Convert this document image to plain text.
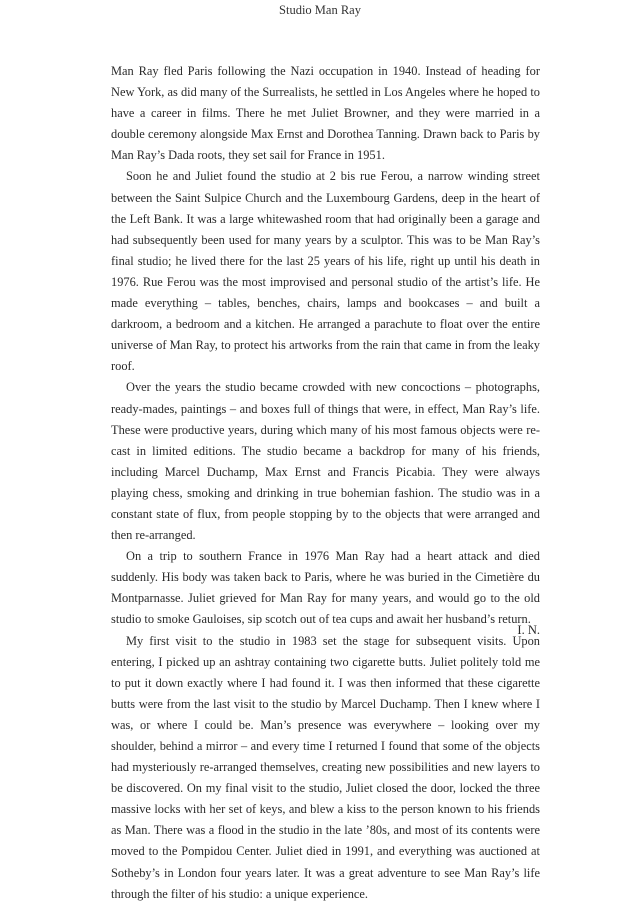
Studio Man Ray

Man Ray fled Paris following the Nazi occupation in 1940. Instead of heading for New York, as did many of the Surrealists, he settled in Los Angeles where he hoped to have a career in films. There he met Juliet Browner, and they were married in a double ceremony alongside Max Ernst and Dorothea Tanning. Drawn back to Paris by Man Ray’s Dada roots, they set sail for France in 1951.

Soon he and Juliet found the studio at 2 bis rue Ferou, a narrow winding street between the Saint Sulpice Church and the Luxembourg Gardens, deep in the heart of the Left Bank. It was a large whitewashed room that had originally been a garage and had subsequently been used for many years by a sculptor. This was to be Man Ray’s final studio; he lived there for the last 25 years of his life, right up until his death in 1976. Rue Ferou was the most improvised and personal studio of the artist’s life. He made everything – tables, benches, chairs, lamps and bookcases – and built a darkroom, a bedroom and a kitchen. He arranged a parachute to float over the entire universe of Man Ray, to protect his artworks from the rain that came in from the leaky roof.

Over the years the studio became crowded with new concoctions – photographs, ready-mades, paintings – and boxes full of things that were, in effect, Man Ray’s life. These were productive years, during which many of his most famous objects were re-cast in limited editions. The studio became a backdrop for many of his friends, including Marcel Duchamp, Max Ernst and Francis Picabia. They were always playing chess, smoking and drinking in true bohemian fashion. The studio was in a constant state of flux, from people stopping by to the objects that were arranged and then re-arranged.

On a trip to southern France in 1976 Man Ray had a heart attack and died suddenly. His body was taken back to Paris, where he was buried in the Cimetière du Montparnasse. Juliet grieved for Man Ray for many years, and would go to the old studio to smoke Gauloises, sip scotch out of tea cups and await her husband’s return.

My first visit to the studio in 1983 set the stage for subsequent visits. Upon entering, I picked up an ashtray containing two cigarette butts. Juliet politely told me to put it down exactly where I had found it. I was then informed that these cigarette butts were from the last visit to the studio by Marcel Duchamp. Then I knew where I was, or where I could be. Man’s presence was everywhere – looking over my shoulder, behind a mirror – and every time I returned I found that some of the objects had mysteriously re-arranged themselves, creating new possibilities and new layers to be discovered. On my final visit to the studio, Juliet closed the door, locked the three massive locks with her set of keys, and blew a kiss to the person known to his friends as Man. There was a flood in the studio in the late ’80s, and most of its contents were moved to the Pompidou Center. Juliet died in 1991, and everything was auctioned at Sotheby’s in London four years later. It was a great adventure to see Man Ray’s life through the filter of his studio: a unique experience.

I. N.
